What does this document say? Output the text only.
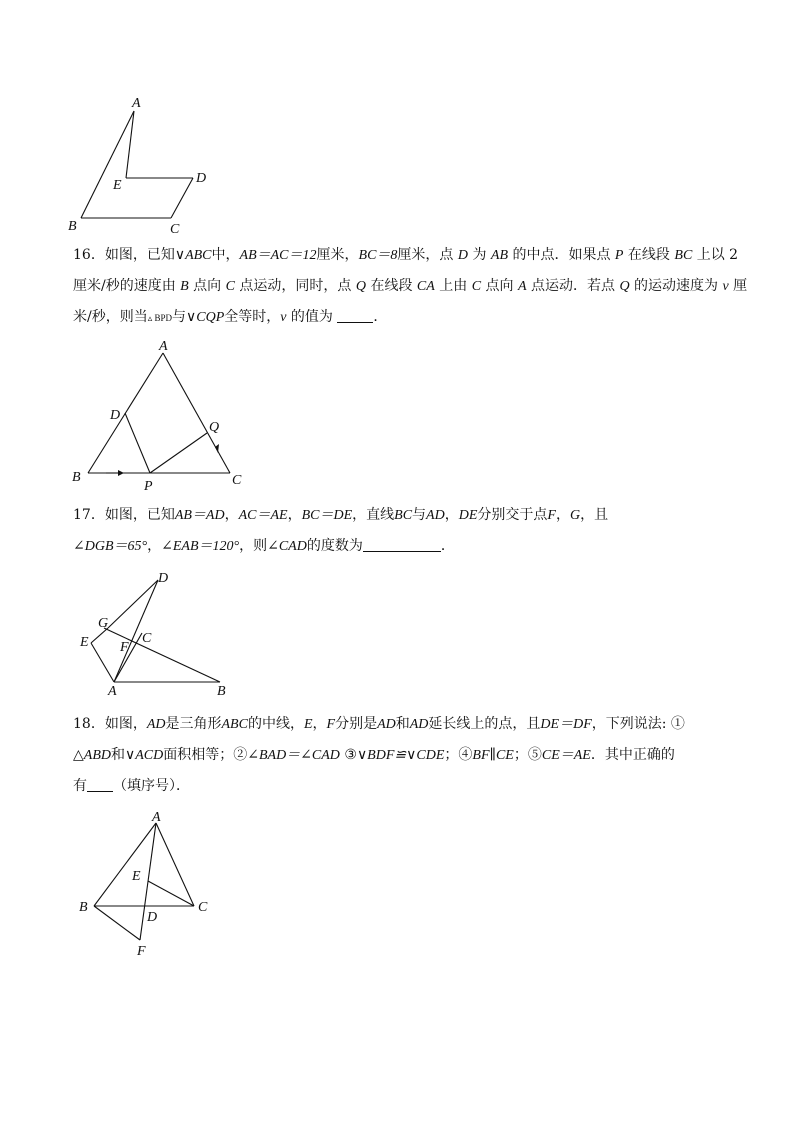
A
B	C
D
E

16．如图，已知∨ABC中，AB＝AC＝12厘米，BC＝8厘米，点 D 为 AB 的中点．如果点 P 在线段 BC 上以 2

厘米/秒的速度由 B 点向 C 点运动，同时，点 Q 在线段 CA 上由 C 点向 A 点运动．若点 Q 的运动速度为 v 厘

米/秒，则当▵ BPD与∨CQP全等时，v 的值为	．

A
B	C
D
P
Q

17．如图，已知AB＝AD，AC＝AE，BC＝DE，直线BC与AD，DE分别交于点F，G，且

∠DGB＝65°，∠EAB＝120°，则∠CAD的度数为	．

D
G
C
E F
A	B

18．如图，AD是三角形ABC的中线，E，F分别是AD和AD延长线上的点，且DE＝DF，下列说法: ①

△ABD和∨ACD面积相等；②∠BAD＝∠CAD ③∨BDF≌∨CDE；④BF∥CE；⑤CE＝AE．其中正确的

有 （填序号）．

A
E
B	C
D
F
